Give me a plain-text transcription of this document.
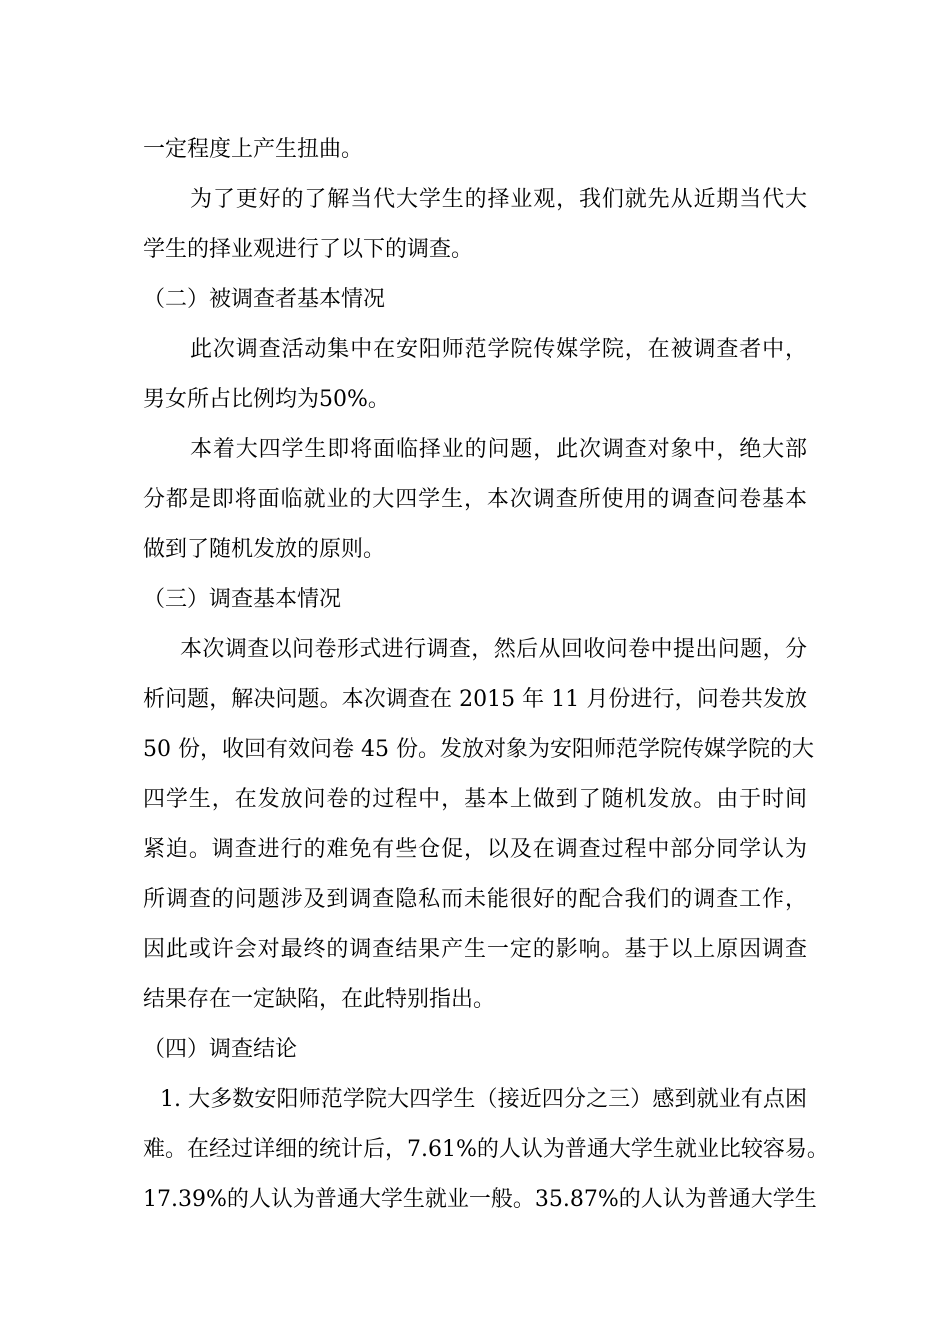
一定程度上产生扭曲。
为了更好的了解当代大学生的择业观，我们就先从近期当代大
学生的择业观进行了以下的调查。
（二）被调查者基本情况
此次调查活动集中在安阳师范学院传媒学院，在被调查者中，
男女所占比例均为50%。
本着大四学生即将面临择业的问题，此次调查对象中，绝大部
分都是即将面临就业的大四学生，本次调查所使用的调查问卷基本
做到了随机发放的原则。
（三）调查基本情况
本次调查以问卷形式进行调查，然后从回收问卷中提出问题，分
析问题，解决问题。本次调查在 2015 年 11 月份进行，问卷共发放
50 份，收回有效问卷 45 份。发放对象为安阳师范学院传媒学院的大
四学生，在发放问卷的过程中，基本上做到了随机发放。由于时间
紧迫。调查进行的难免有些仓促，以及在调查过程中部分同学认为
所调查的问题涉及到调查隐私而未能很好的配合我们的调查工作，
因此或许会对最终的调查结果产生一定的影响。基于以上原因调查
结果存在一定缺陷，在此特别指出。
（四）调查结论
1. 大多数安阳师范学院大四学生（接近四分之三）感到就业有点困
难。在经过详细的统计后，7.61%的人认为普通大学生就业比较容易。
17.39%的人认为普通大学生就业一般。35.87%的人认为普通大学生
